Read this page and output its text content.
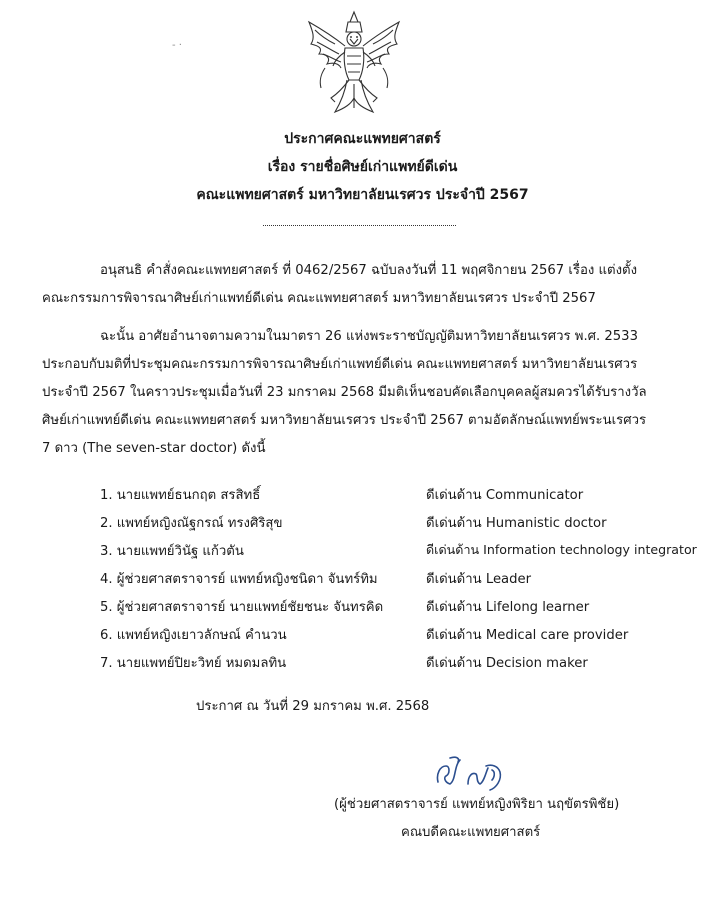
- ·
ประกาศคณะแพทยศาสตร์
เรื่อง รายชื่อศิษย์เก่าแพทย์ดีเด่น
คณะแพทยศาสตร์ มหาวิทยาลัยนเรศวร ประจำปี 2567
อนุสนธิ คำสั่งคณะแพทยศาสตร์ ที่ 0462/2567 ฉบับลงวันที่ 11 พฤศจิกายน 2567 เรื่อง แต่งตั้ง
คณะกรรมการพิจารณาศิษย์เก่าแพทย์ดีเด่น คณะแพทยศาสตร์ มหาวิทยาลัยนเรศวร ประจำปี 2567
ฉะนั้น อาศัยอำนาจตามความในมาตรา 26 แห่งพระราชบัญญัติมหาวิทยาลัยนเรศวร พ.ศ. 2533
ประกอบกับมติที่ประชุมคณะกรรมการพิจารณาศิษย์เก่าแพทย์ดีเด่น คณะแพทยศาสตร์ มหาวิทยาลัยนเรศวร
ประจำปี 2567 ในคราวประชุมเมื่อวันที่ 23 มกราคม 2568 มีมติเห็นชอบคัดเลือกบุคคลผู้สมควรได้รับรางวัล
ศิษย์เก่าแพทย์ดีเด่น คณะแพทยศาสตร์ มหาวิทยาลัยนเรศวร ประจำปี 2567 ตามอัตลักษณ์แพทย์พระนเรศวร
7 ดาว (The seven-star doctor) ดังนี้
1. นายแพทย์ธนกฤต สรสิทธิ์	ดีเด่นด้าน Communicator
2. แพทย์หญิงณัฐกรณ์ ทรงศิริสุข	ดีเด่นด้าน Humanistic doctor
3. นายแพทย์วินัฐ แก้วตัน	ดีเด่นด้าน Information technology integrator
4. ผู้ช่วยศาสตราจารย์ แพทย์หญิงชนิดา จันทร์ทิม	ดีเด่นด้าน Leader
5. ผู้ช่วยศาสตราจารย์ นายแพทย์ชัยชนะ จันทรคิด	ดีเด่นด้าน Lifelong learner
6. แพทย์หญิงเยาวลักษณ์ คำนวน	ดีเด่นด้าน Medical care provider
7. นายแพทย์ปิยะวิทย์ หมดมลทิน	ดีเด่นด้าน Decision maker
ประกาศ ณ วันที่ 29 มกราคม พ.ศ. 2568
(ผู้ช่วยศาสตราจารย์ แพทย์หญิงพิริยา นฤขัตรพิชัย)
คณบดีคณะแพทยศาสตร์
